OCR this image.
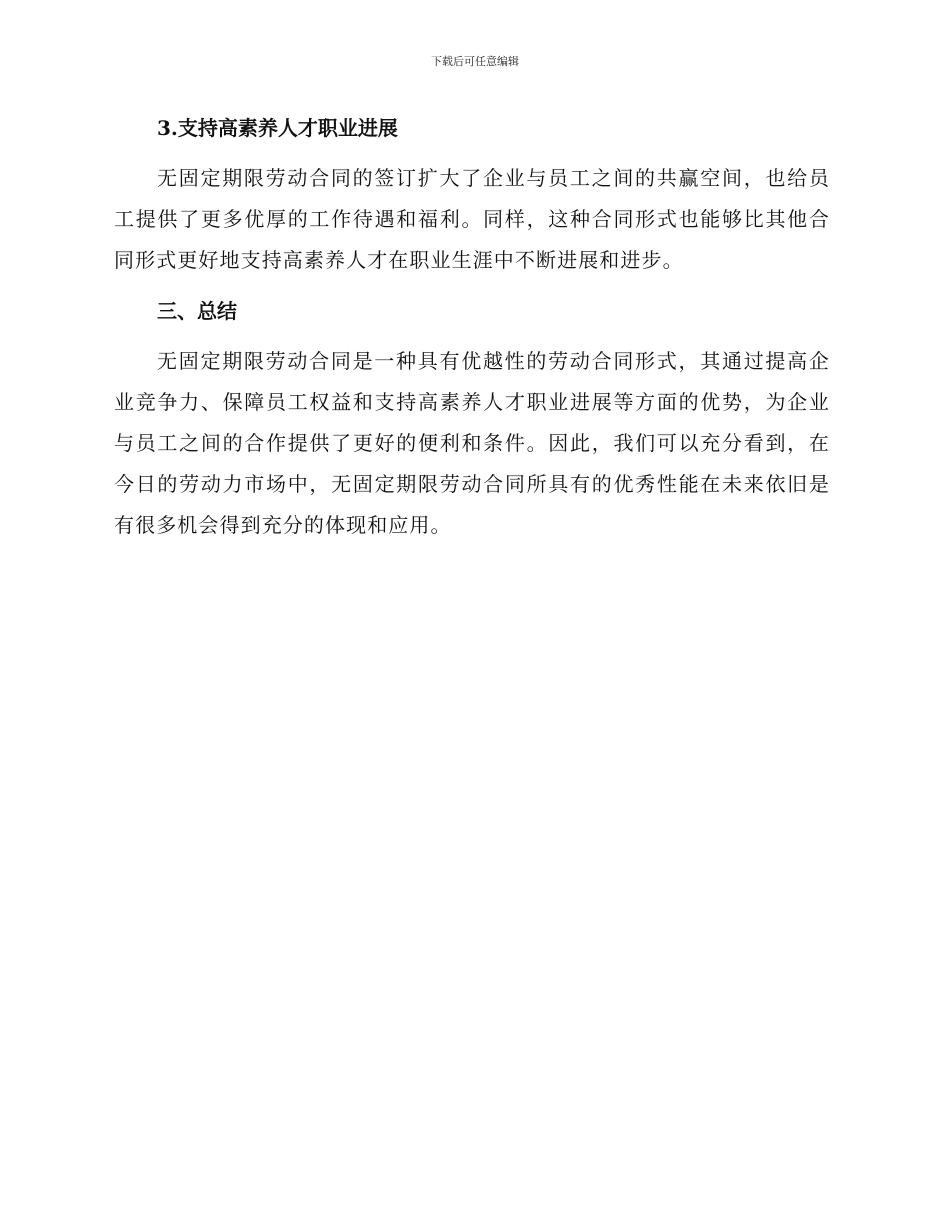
下载后可任意编辑
3.支持高素养人才职业进展

无固定期限劳动合同的签订扩大了企业与员工之间的共赢空间，也给员工提供了更多优厚的工作待遇和福利。同样，这种合同形式也能够比其他合同形式更好地支持高素养人才在职业生涯中不断进展和进步。

三、总结

无固定期限劳动合同是一种具有优越性的劳动合同形式，其通过提高企业竞争力、保障员工权益和支持高素养人才职业进展等方面的优势，为企业与员工之间的合作提供了更好的便利和条件。因此，我们可以充分看到，在今日的劳动力市场中，无固定期限劳动合同所具有的优秀性能在未来依旧是有很多机会得到充分的体现和应用。
